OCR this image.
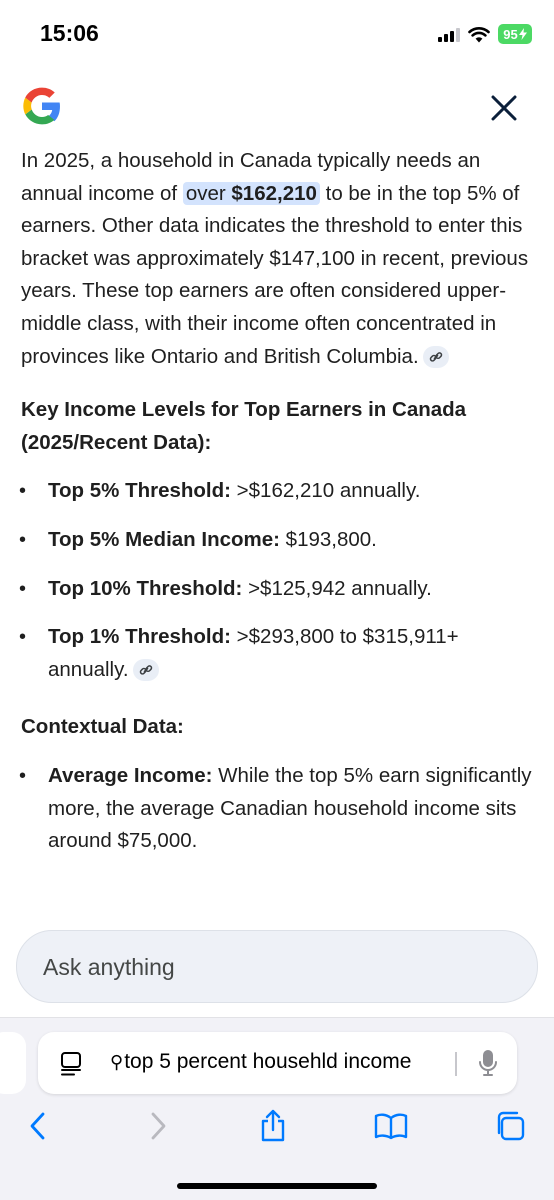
15:06	95

In 2025, a household in Canada typically needs an annual income of over $162,210 to be in the top 5% of earners. Other data indicates the threshold to enter this bracket was approximately $147,100 in recent, previous years. These top earners are often considered upper-middle class, with their income often concentrated in provinces like Ontario and British Columbia.

Key Income Levels for Top Earners in Canada (2025/Recent Data):
• Top 5% Threshold: >$162,210 annually.
• Top 5% Median Income: $193,800.
• Top 10% Threshold: >$125,942 annually.
• Top 1% Threshold: >$293,800 to $315,911+ annually.
Contextual Data:
• Average Income: While the top 5% earn significantly more, the average Canadian household income sits around $75,000.
Ask anything
⚲top 5 percent househld income
